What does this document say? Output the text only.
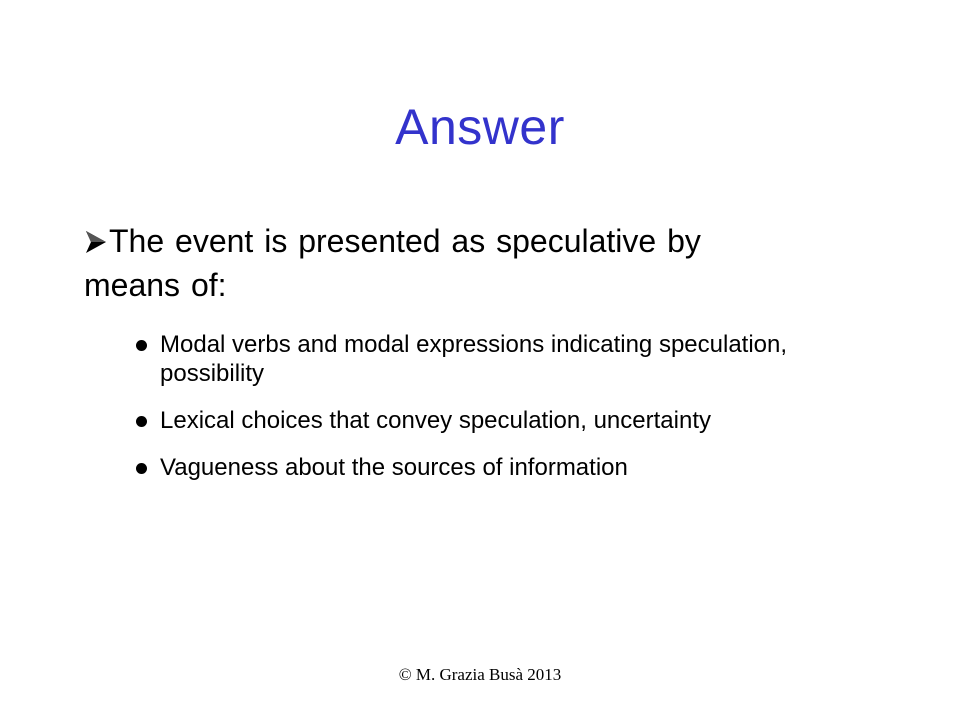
Answer
The event is presented as speculative by means of:
Modal verbs and modal expressions indicating speculation, possibility
Lexical choices that convey speculation, uncertainty
Vagueness about the sources of information
© M. Grazia Busà 2013
